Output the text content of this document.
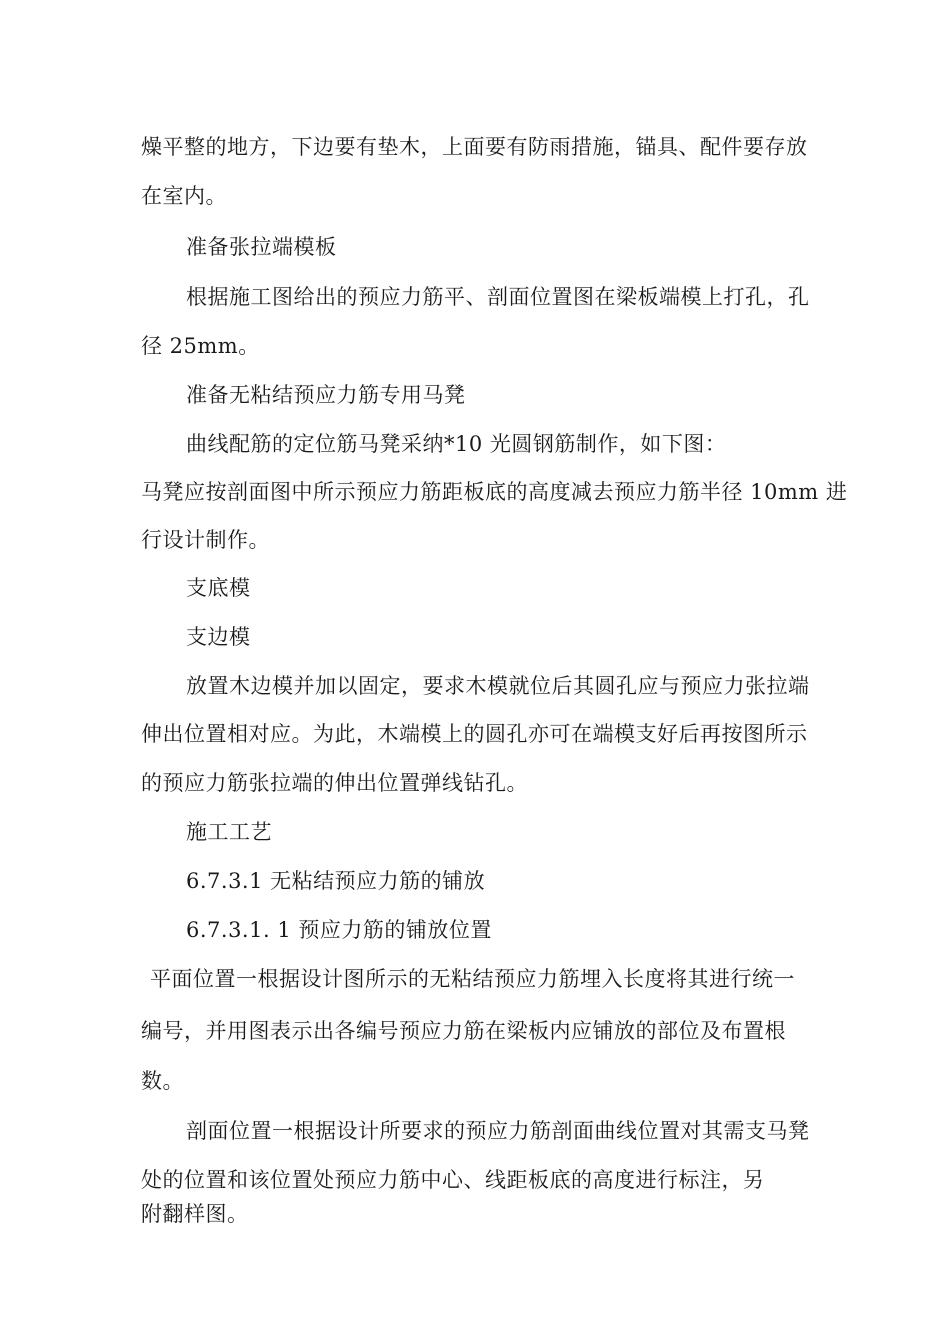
燥平整的地方，下边要有垫木，上面要有防雨措施，锚具、配件要存放
在室内。
准备张拉端模板
根据施工图给出的预应力筋平、剖面位置图在梁板端模上打孔，孔
径 25mm。
准备无粘结预应力筋专用马凳
曲线配筋的定位筋马凳采纳*10 光圆钢筋制作，如下图：
马凳应按剖面图中所示预应力筋距板底的高度减去预应力筋半径 10mm 进
行设计制作。
支底模
支边模
放置木边模并加以固定，要求木模就位后其圆孔应与预应力张拉端
伸出位置相对应。为此，木端模上的圆孔亦可在端模支好后再按图所示
的预应力筋张拉端的伸出位置弹线钻孔。
施工工艺
6.7.3.1 无粘结预应力筋的铺放
6.7.3.1. 1 预应力筋的铺放位置
平面位置一根据设计图所示的无粘结预应力筋埋入长度将其进行统一
编号，并用图表示出各编号预应力筋在梁板内应铺放的部位及布置根
数。
剖面位置一根据设计所要求的预应力筋剖面曲线位置对其需支马凳
处的位置和该位置处预应力筋中心、线距板底的高度进行标注，另
附翻样图。
